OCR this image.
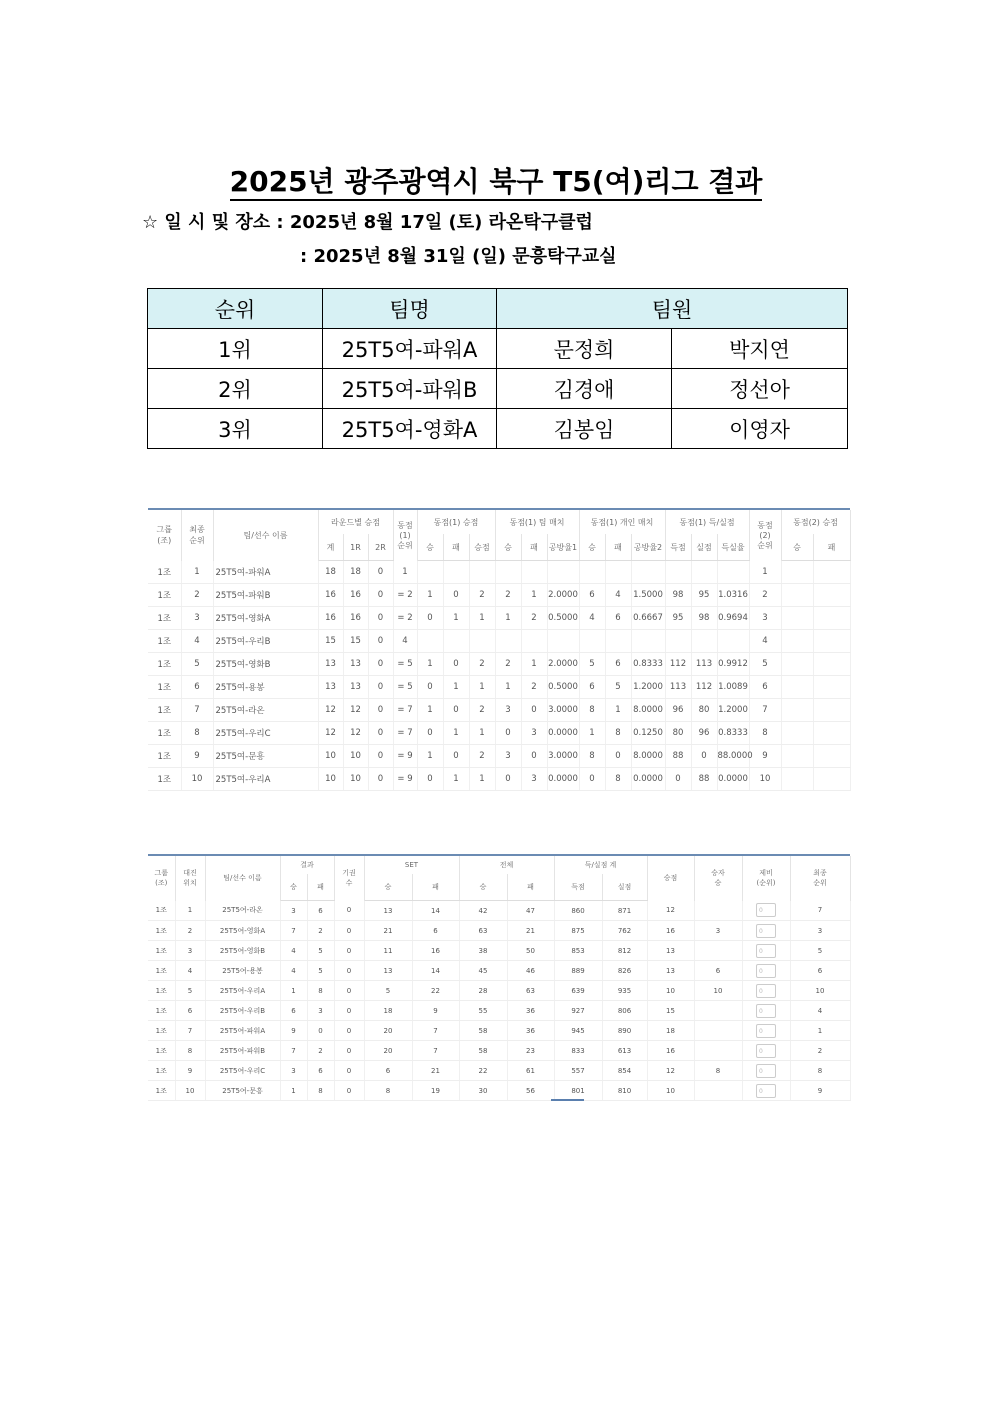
2025년 광주광역시 북구 T5(여)리그 결과
☆ 일 시 및 장소 : 2025년 8월 17일 (토) 라온탁구클럽
: 2025년 8월 31일 (일) 문흥탁구교실
순위	팀명	팀원	
1위	25T5여-파워A	문정희	박지연
2위	25T5여-파워B	김경애	정선아
3위	25T5여-영화A	김봉임	이영자
그룹
(조)	최종
순위	팀/선수 이름	라운드별 승점			동점
(1)
순위	동점(1) 승점			동점(1) 팀 매치			동점(1) 개인 매치			동점(1) 득/실점			동점
(2)
순위	동점(2) 승점	
			계	1R	2R		승	패	승점	승	패	공방율1	승	패	공방율2	득점	실점	득실율		승	패
1조	1	25T5여-파워A	18	18	0	1													1		
1조	2	25T5여-파워B	16	16	0	= 2	1	0	2	2	1	2.0000	6	4	1.5000	98	95	1.0316	2		
1조	3	25T5여-영화A	16	16	0	= 2	0	1	1	1	2	0.5000	4	6	0.6667	95	98	0.9694	3		
1조	4	25T5여-우리B	15	15	0	4													4		
1조	5	25T5여-영화B	13	13	0	= 5	1	0	2	2	1	2.0000	5	6	0.8333	112	113	0.9912	5		
1조	6	25T5여-용봉	13	13	0	= 5	0	1	1	1	2	0.5000	6	5	1.2000	113	112	1.0089	6		
1조	7	25T5여-라온	12	12	0	= 7	1	0	2	3	0	3.0000	8	1	8.0000	96	80	1.2000	7		
1조	8	25T5여-우리C	12	12	0	= 7	0	1	1	0	3	0.0000	1	8	0.1250	80	96	0.8333	8		
1조	9	25T5여-문흥	10	10	0	= 9	1	0	2	3	0	3.0000	8	0	8.0000	88	0	88.0000	9		
1조	10	25T5여-우리A	10	10	0	= 9	0	1	1	0	3	0.0000	0	8	0.0000	0	88	0.0000	10		
그룹
(조)	대진
위치	팀/선수 이름	결과		기권
수	SET		전체		득/실점 계		승점	승자
승	제비
(순위)	최종
순위
			승	패		승	패	승	패	득점	실점				
1조	1	25T5여-라온	3	6	0	13	14	42	47	860	871	12		0	7
1조	2	25T5여-영화A	7	2	0	21	6	63	21	875	762	16	3	0	3
1조	3	25T5여-영화B	4	5	0	11	16	38	50	853	812	13		0	5
1조	4	25T5여-용봉	4	5	0	13	14	45	46	889	826	13	6	0	6
1조	5	25T5여-우리A	1	8	0	5	22	28	63	639	935	10	10	0	10
1조	6	25T5여-우리B	6	3	0	18	9	55	36	927	806	15		0	4
1조	7	25T5여-파워A	9	0	0	20	7	58	36	945	890	18		0	1
1조	8	25T5여-파워B	7	2	0	20	7	58	23	833	613	16		0	2
1조	9	25T5여-우리C	3	6	0	6	21	22	61	557	854	12	8	0	8
1조	10	25T5여-문흥	1	8	0	8	19	30	56	801	810	10		0	9
